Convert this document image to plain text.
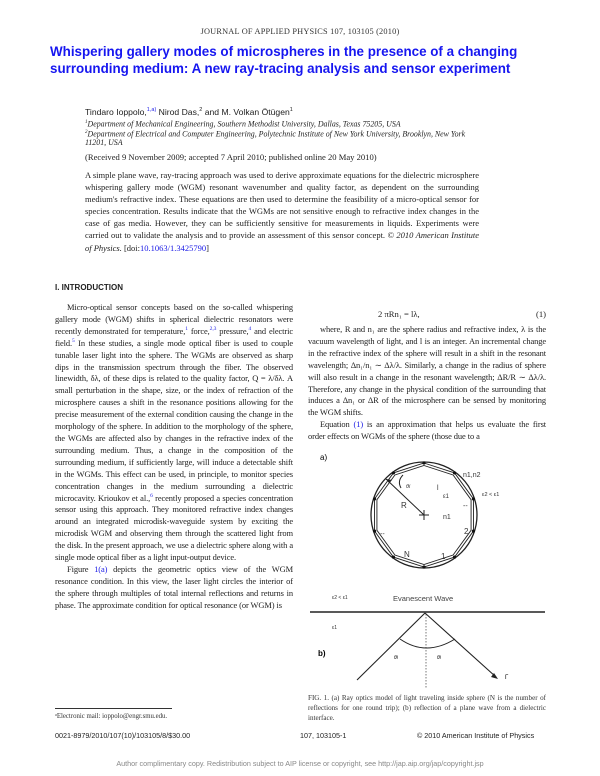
JOURNAL OF APPLIED PHYSICS 107, 103105 (2010)
Whispering gallery modes of microspheres in the presence of a changing surrounding medium: A new ray-tracing analysis and sensor experiment
Tindaro Ioppolo,$^{1,a)}$ Nirod Das,$^2$ and M. Volkan Ötügen$^1$
$^1$Department of Mechanical Engineering, Southern Methodist University, Dallas, Texas 75205, USA
$^2$Department of Electrical and Computer Engineering, Polytechnic Institute of New York University, Brooklyn, New York 11201, USA
(Received 9 November 2009; accepted 7 April 2010; published online 20 May 2010)
A simple plane wave, ray-tracing approach was used to derive approximate equations for the dielectric microsphere whispering gallery mode (WGM) resonant wavenumber and quality factor, as dependent on the surrounding medium's refractive index. These equations are then used to determine the feasibility of a micro-optical sensor for species concentration. Results indicate that the WGMs are not sensitive enough to refractive index changes in the case of gas media. However, they can be sufficiently sensitive for measurements in liquids. Experiments were carried out to validate the analysis and to provide an assessment of this sensor concept. © 2010 American Institute of Physics. [doi:10.1063/1.3425790]
I. INTRODUCTION

Micro-optical sensor concepts based on the so-called whispering gallery mode (WGM) shifts in spherical dielectric resonators were recently demonstrated for temperature,$^1$ force,$^{2,3}$ pressure,$^4$ and electric field.$^5$ In these studies, a single mode optical fiber is used to couple tunable laser light into the sphere. The WGMs are observed as sharp dips in the transmission spectrum through the fiber. The observed linewidth, δλ, of these dips is related to the quality factor, Q = λ/δλ. A small perturbation in the shape, size, or the index of refraction of the microsphere causes a shift in the resonance positions allowing for the precise measurement of the external condition causing the change in the morphology of the sphere. In addition to the morphology of the sphere, the WGMs are affected also by changes in the refractive index of the surrounding medium. Thus, a change in the composition of the surrounding medium, if sufficiently large, will induce a detectable shift in the WGMs. This effect can be used, in principle, to monitor species concentration changes in the medium surrounding a dielectric microcavity. Krioukov et al.,$^6$ recently proposed a species concentration sensor using this approach. They monitored refractive index changes around an integrated microdisk-waveguide system by exciting the microdisk WGM and observing them through the scattered light from the disk. In the present approach, we use a dielectric sphere along with a single mode optical fiber as a light input-output device.

Figure 1(a) depicts the geometric optics view of the WGM resonance condition. In this view, the laser light circles the interior of the sphere through multiples of total internal reflections and returns in phase. The approximate condition for optical resonance (or WGM) is

2 πRn₁ = lλ,	(1)

where, R and n₁ are the sphere radius and refractive index, λ is the vacuum wavelength of light, and l is an integer. An incremental change in the refractive index of the sphere will result in a shift in the resonant wavelength; Δn₁/n₁ ∼ Δλ/λ. Similarly, a change in the radius of sphere will also result in a change in the resonant wavelength; ΔR/R ∼ Δλ/λ. Therefore, any change in the physical condition of the surrounding that induces a Δn₁ or ΔR of the microsphere can be sensed by monitoring the WGM shifts.

Equation (1) is an approximation that helps us evaluate the first order effects on WGMs of the sphere (those due to a

a)
θi	l
ε1
n1,n2
ε2 < ε1
--
R
n1
--	2
N	1
ε2 < ε1	Evanescent Wave
ε1
b)	θi	θi
Γ
FIG. 1. (a) Ray optics model of light traveling inside sphere (N is the number of reflections for one round trip); (b) reflection of a plane wave from a dielectric interface.
ᵃElectronic mail: ioppolo@engr.smu.edu.
0021-8979/2010/107(10)/103105/8/$30.00	107, 103105-1	© 2010 American Institute of Physics
Author complimentary copy. Redistribution subject to AIP license or copyright, see http://jap.aip.org/jap/copyright.jsp
